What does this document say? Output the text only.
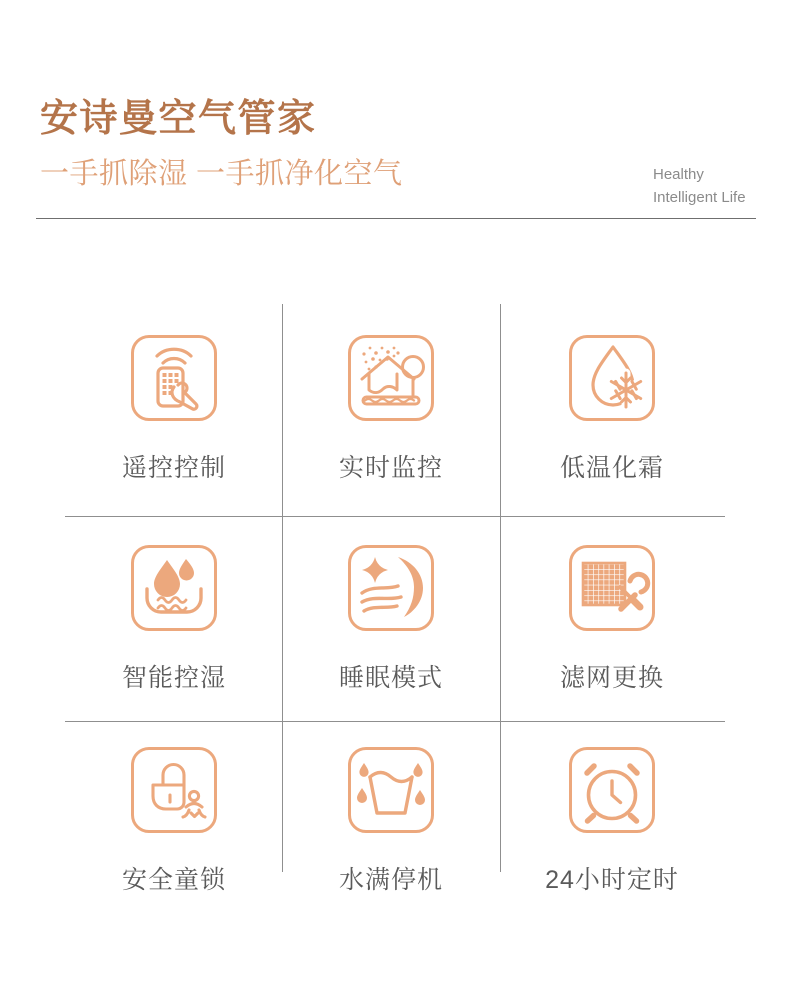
安诗曼空气管家
一手抓除湿 一手抓净化空气	Healthy
Intelligent Life
遥控控制	实时监控	低温化霜
智能控湿	睡眠模式	滤网更换
安全童锁	水满停机	24小时定时
